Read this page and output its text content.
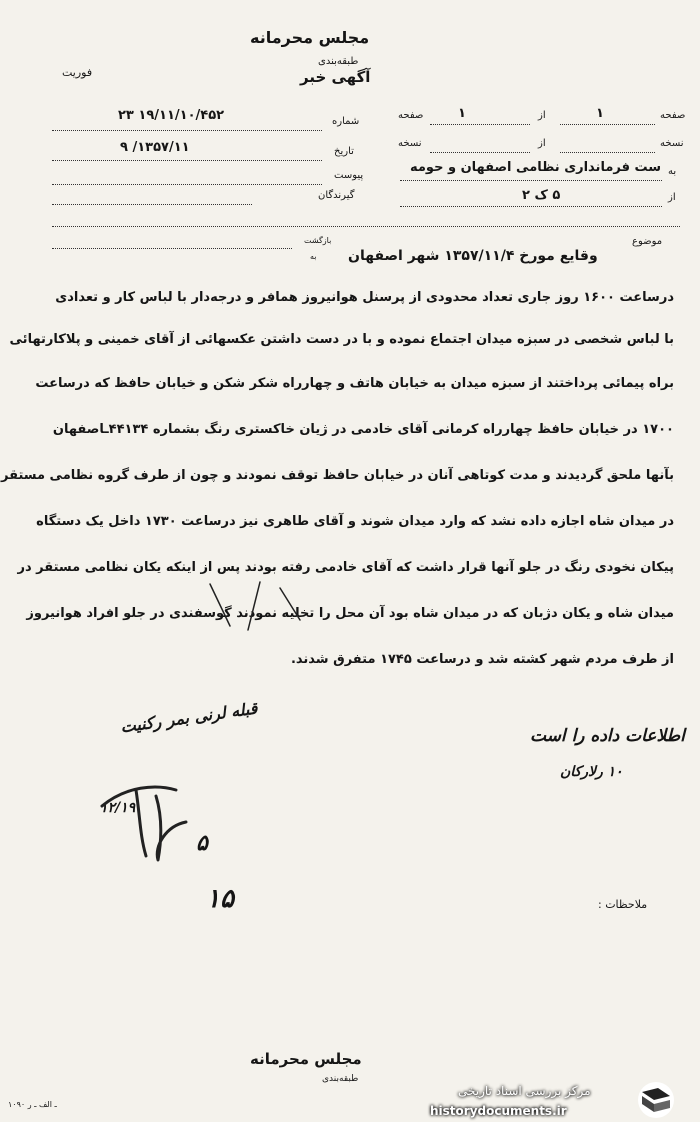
مجلس محرمانه
طبقه‌بندی
آگهی خبر
فوریت
صفحه
۱
از
۱
صفحه
نسخه
از
نسخه
به
ست فرمانداری نظامی اصفهان و حومه
از
۵ ک ٢
شماره
۱۹/۱۱/۱۰/۴۵۲ ۲۳
تاریخ
۱۳۵۷/۱۱/ ۹
پیوست
گیرندگان
موضوع
وقایع مورخ ۱۳۵۷/۱۱/۴ شهر اصفهان
بازگشت
به
درساعت ۱۶۰۰ روز جاری تعداد محدودی از پرسنل هوانیروز همافر و درجه‌دار با لباس کار و تعدادی
با لباس شخصی در سبزه میدان اجتماع نموده و با در دست داشتن عکسهائی از آقای خمینی و پلاکارتهائی
براه پیمائی پرداختند از سبزه میدان به خیابان هاتف و چهارراه شکر شکن و خیابان حافظ که درساعت
۱۷۰۰ در خیابان حافظ چهارراه کرمانی آقای خادمی در ژیان خاکستری رنگ بشماره ۴۴۱۳۴ـاصفهان
بآنها ملحق گردیدند و مدت کوتاهی آنان در خیابان حافظ توقف نمودند و چون از طرف گروه نظامی مستقر
در میدان شاه اجازه داده نشد که وارد میدان شوند و آقای طاهری نیز درساعت ۱۷۳۰ داخل یک دستگاه
پیکان نخودی رنگ در جلو آنها قرار داشت که آقای خادمی رفته بودند پس از اینکه یکان نظامی مستقر در
میدان شاه و یکان دژبان که در میدان شاه بود آن محل را تخلیه نمودند گوسفندی در جلو افراد هوانیروز
از طرف مردم شهر کشته شد و درساعت ۱۷۴۵ متفرق شدند.
اطلاعات داده را است
۱۰ رلارکان
قبله لرنی بمر رکنیت
۱۲/۱۹
۵
۱۵	ملاحظات :
مجلس محرمانه
طبقه‌بندی
۱۰۹۰ ـ الف ـ ر
مرکز بررسی اسناد تاریخی
historydocuments.ir
